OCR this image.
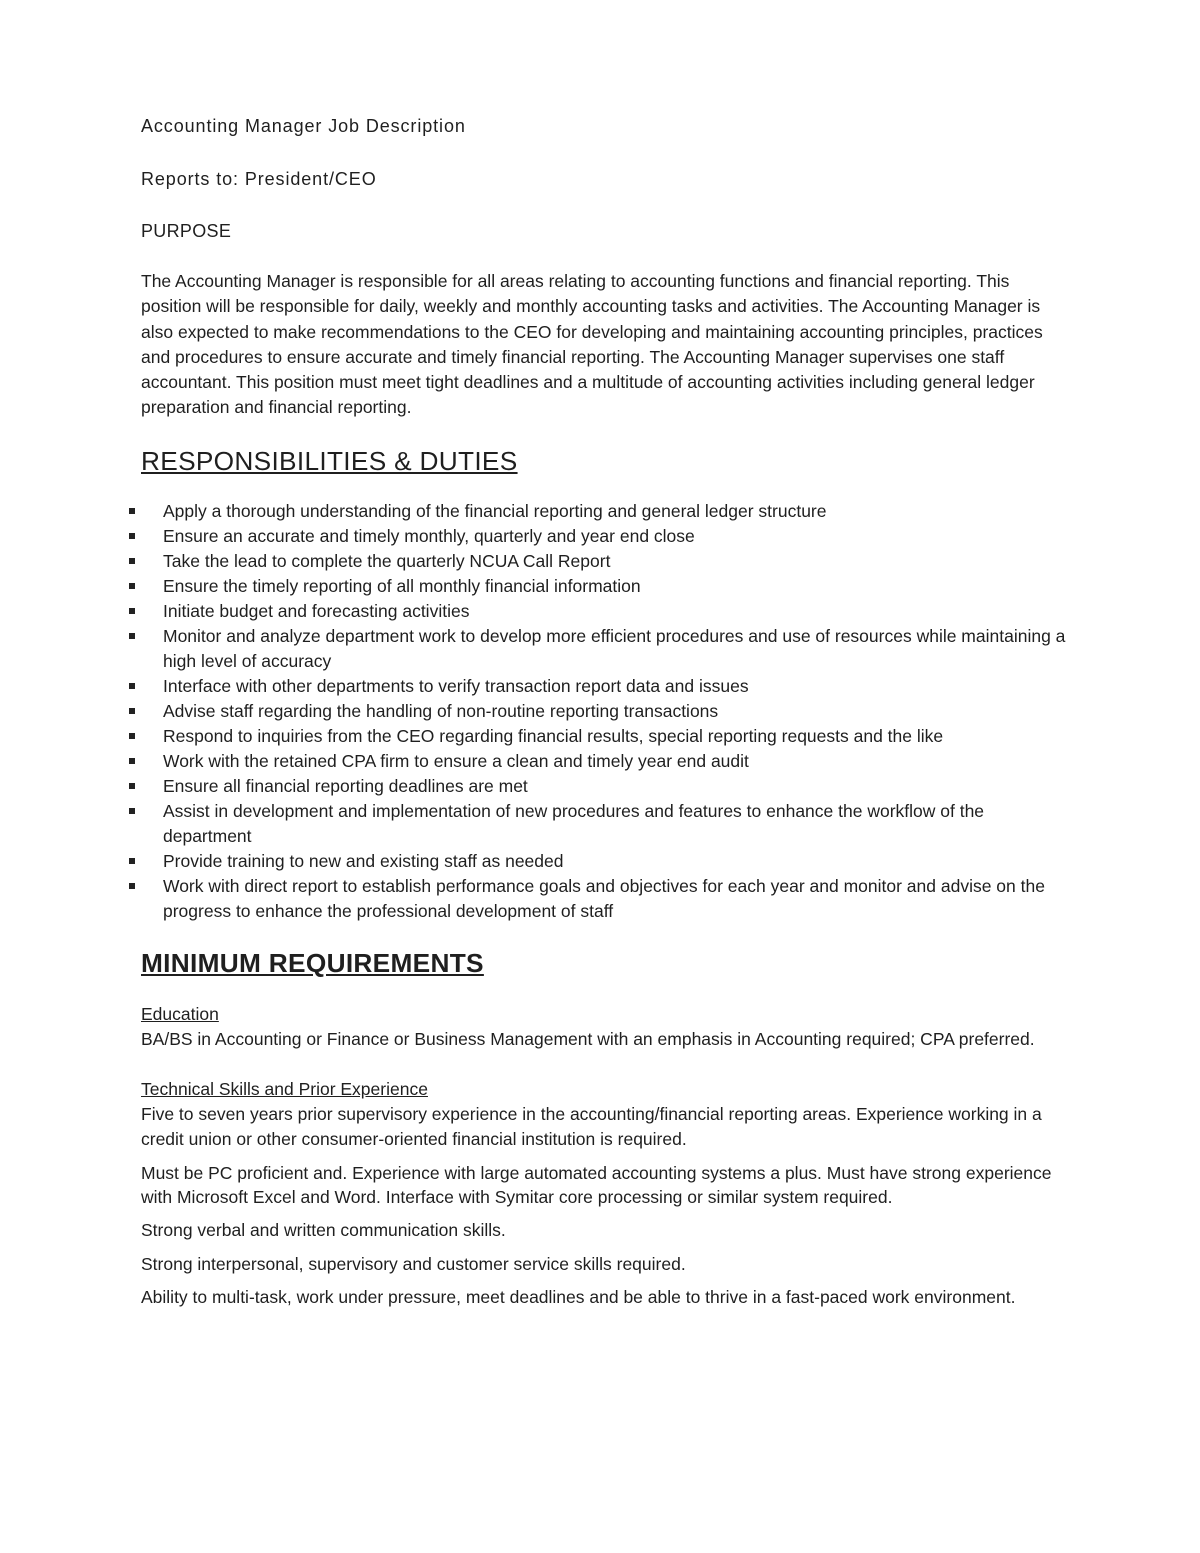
Accounting Manager Job Description
Reports to: President/CEO
PURPOSE

The Accounting Manager is responsible for all areas relating to accounting functions and financial reporting. This position will be responsible for daily, weekly and monthly accounting tasks and activities. The Accounting Manager is also expected to make recommendations to the CEO for developing and maintaining accounting principles, practices and procedures to ensure accurate and timely financial reporting. The Accounting Manager supervises one staff accountant. This position must meet tight deadlines and a multitude of accounting activities including general ledger preparation and financial reporting.

RESPONSIBILITIES & DUTIES
Apply a thorough understanding of the financial reporting and general ledger structure
Ensure an accurate and timely monthly, quarterly and year end close
Take the lead to complete the quarterly NCUA Call Report
Ensure the timely reporting of all monthly financial information
Initiate budget and forecasting activities
Monitor and analyze department work to develop more efficient procedures and use of resources while maintaining a high level of accuracy
Interface with other departments to verify transaction report data and issues
Advise staff regarding the handling of non-routine reporting transactions
Respond to inquiries from the CEO regarding financial results, special reporting requests and the like
Work with the retained CPA firm to ensure a clean and timely year end audit
Ensure all financial reporting deadlines are met
Assist in development and implementation of new procedures and features to enhance the workflow of the department
Provide training to new and existing staff as needed
Work with direct report to establish performance goals and objectives for each year and monitor and advise on the progress to enhance the professional development of staff
MINIMUM REQUIREMENTS
Education

BA/BS in Accounting or Finance or Business Management with an emphasis in Accounting required; CPA preferred.

Technical Skills and Prior Experience

Five to seven years prior supervisory experience in the accounting/financial reporting areas. Experience working in a credit union or other consumer-oriented financial institution is required.

Must be PC proficient and. Experience with large automated accounting systems a plus. Must have strong experience with Microsoft Excel and Word. Interface with Symitar core processing or similar system required.

Strong verbal and written communication skills.

Strong interpersonal, supervisory and customer service skills required.

Ability to multi-task, work under pressure, meet deadlines and be able to thrive in a fast-paced work environment.
